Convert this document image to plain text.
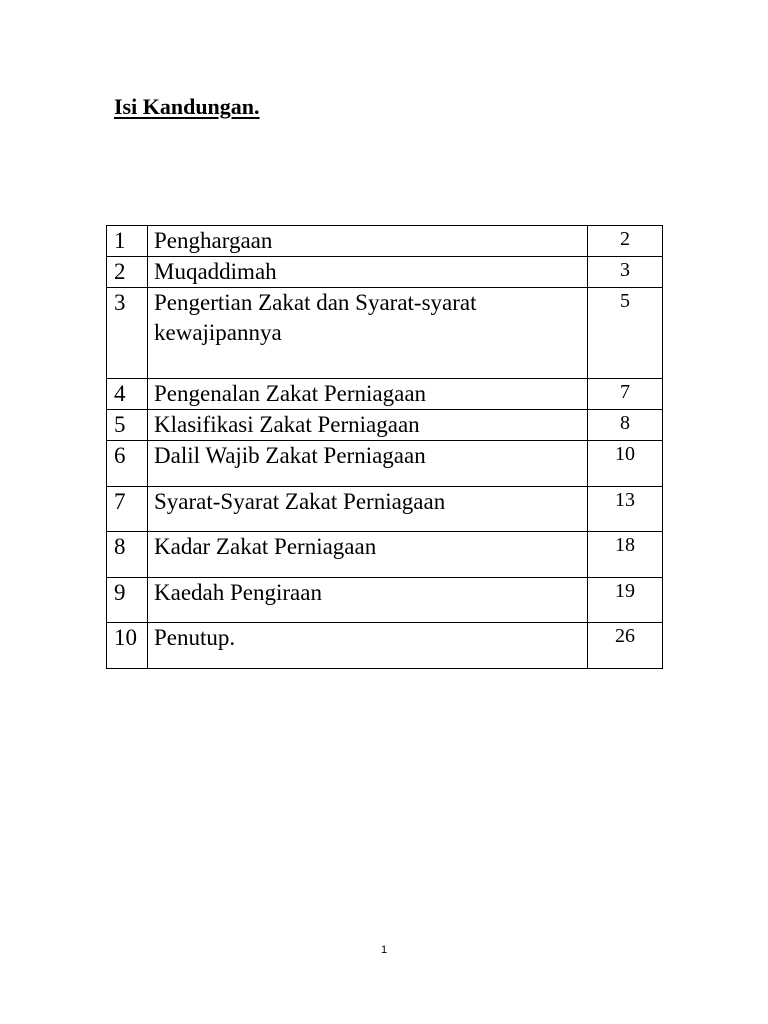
Isi Kandungan.
1	Penghargaan	2
2	Muqaddimah	3
3	Pengertian Zakat dan Syarat-syarat kewajipannya	5
4	Pengenalan Zakat Perniagaan	7
5	Klasifikasi Zakat Perniagaan	8
6	Dalil Wajib Zakat Perniagaan	10
7	Syarat-Syarat Zakat Perniagaan	13
8	Kadar Zakat Perniagaan	18
9	Kaedah Pengiraan	19
10	Penutup.	26
1
